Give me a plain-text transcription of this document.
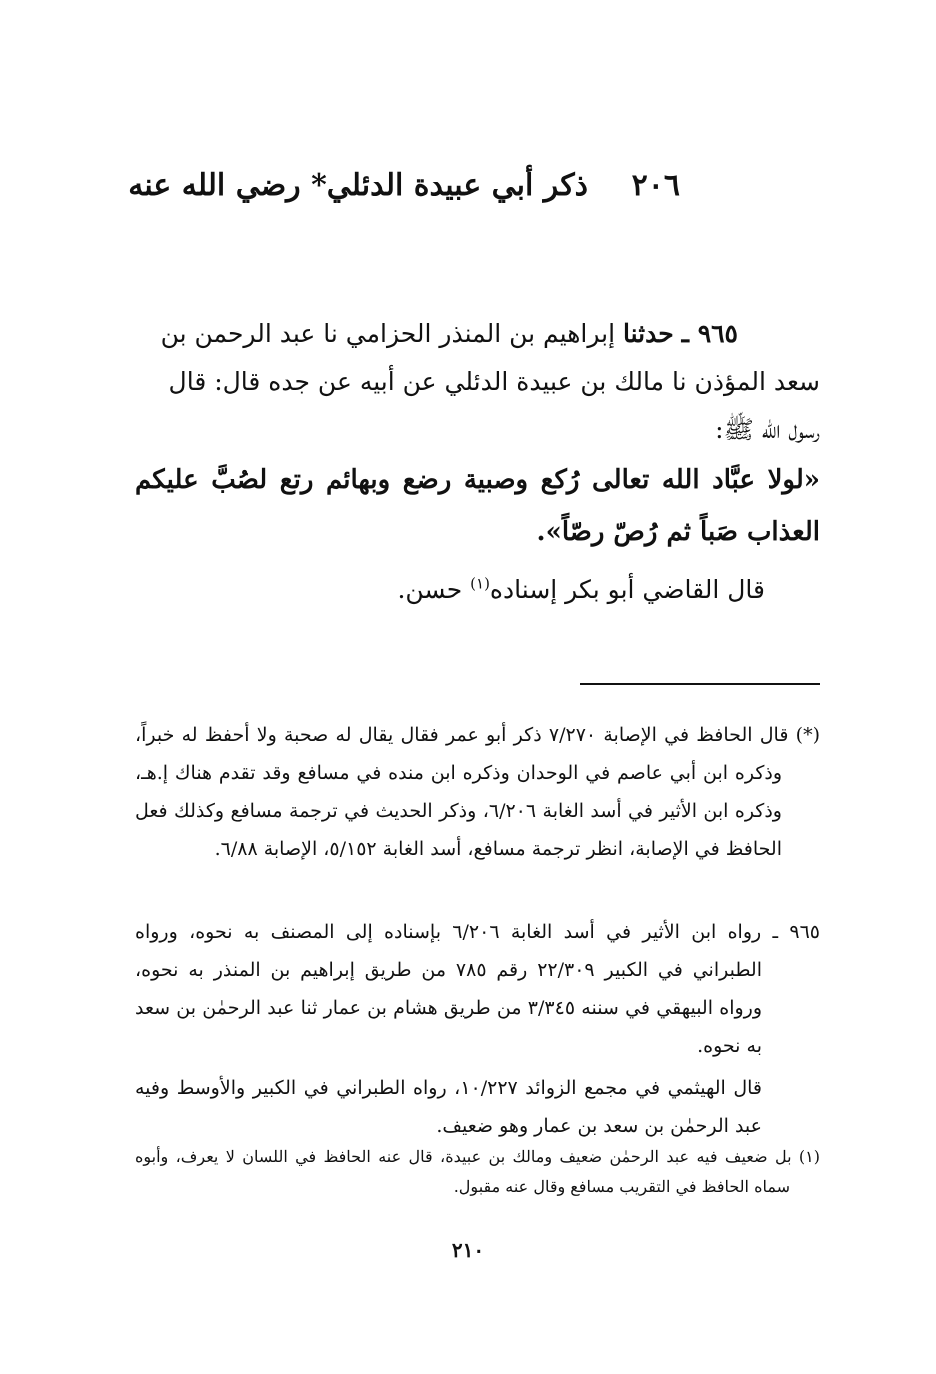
٢٠٦
ذكر أبي عبيدة الدئلي* رضي الله عنه
٩٦٥ ـ حدثنا إبراهيم بن المنذر الحزامي نا عبد الرحمن بن
سعد المؤذن نا مالك بن عبيدة الدئلي عن أبيه عن جده قال: قال
رسول الله ﷺ:

«لولا عبَّاد الله تعالى رُكع وصبية رضع وبهائم رتع لصُبَّ عليكم العذاب صَباً ثم رُصّ رصّاً».

قال القاضي أبو بكر إسناده$^{(١)}$ حسن.

(*) قال الحافظ في الإصابة ٧/٢٧٠ ذكر أبو عمر فقال يقال له صحبة ولا أحفظ له خبراً، وذكره ابن أبي عاصم في الوحدان وذكره ابن منده في مسافع وقد تقدم هناك إ.هـ، وذكره ابن الأثير في أسد الغابة ٦/٢٠٦، وذكر الحديث في ترجمة مسافع وكذلك فعل الحافظ في الإصابة، انظر ترجمة مسافع، أسد الغابة ٥/١٥٢، الإصابة ٦/٨٨.

٩٦٥ ـ رواه ابن الأثير في أسد الغابة ٦/٢٠٦ بإسناده إلى المصنف به نحوه، ورواه الطبراني في الكبير ٢٢/٣٠٩ رقم ٧٨٥ من طريق إبراهيم بن المنذر به نحوه، ورواه البيهقي في سننه ٣/٣٤٥ من طريق هشام بن عمار ثنا عبد الرحمٰن بن سعد به نحوه.

قال الهيثمي في مجمع الزوائد ١٠/٢٢٧، رواه الطبراني في الكبير والأوسط وفيه عبد الرحمٰن بن سعد بن عمار وهو ضعيف.

(١) بل ضعيف فيه عبد الرحمٰن ضعيف ومالك بن عبيدة، قال عنه الحافظ في اللسان لا يعرف، وأبوه سماه الحافظ في التقريب مسافع وقال عنه مقبول.

٢١٠
